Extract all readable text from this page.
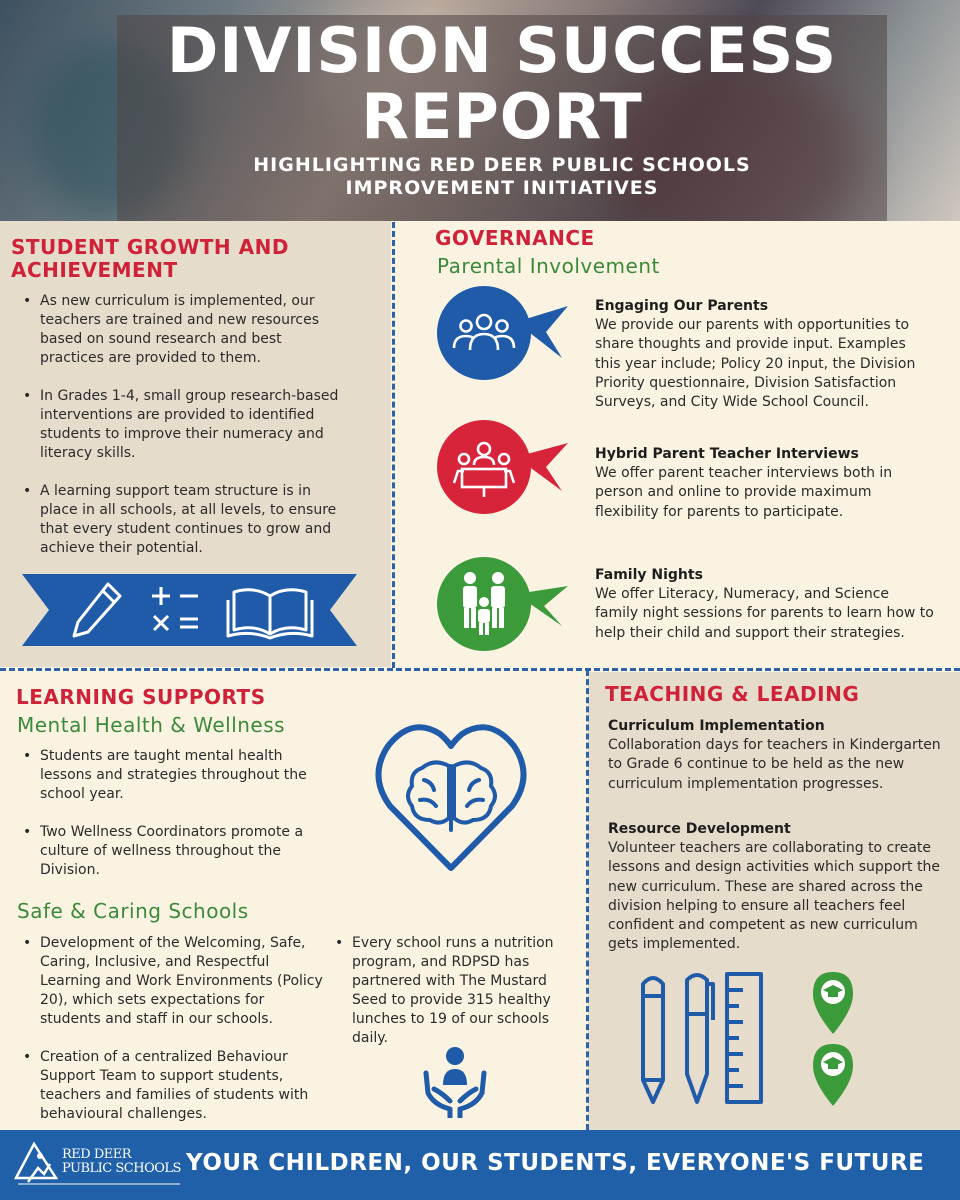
DIVISION SUCCESS
REPORT
HIGHLIGHTING RED DEER PUBLIC SCHOOLS
IMPROVEMENT INITIATIVES
STUDENT GROWTH AND ACHIEVEMENT
• As new curriculum is implemented, our teachers are trained and new resources based on sound research and best practices are provided to them.
• In Grades 1-4, small group research-based interventions are provided to identified students to improve their numeracy and literacy skills.
• A learning support team structure is in place in all schools, at all levels, to ensure that every student continues to grow and achieve their potential.
GOVERNANCE
Parental Involvement
Engaging Our Parents
We provide our parents with opportunities to share thoughts and provide input. Examples this year include; Policy 20 input, the Division Priority questionnaire, Division Satisfaction Surveys, and City Wide School Council.
Hybrid Parent Teacher Interviews
We offer parent teacher interviews both in person and online to provide maximum flexibility for parents to participate.
Family Nights
We offer Literacy, Numeracy, and Science family night sessions for parents to learn how to help their child and support their strategies.
LEARNING SUPPORTS
Mental Health & Wellness
• Students are taught mental health lessons and strategies throughout the school year.
• Two Wellness Coordinators promote a culture of wellness throughout the Division.
Safe & Caring Schools
• Development of the Welcoming, Safe, Caring, Inclusive, and Respectful Learning and Work Environments (Policy 20), which sets expectations for students and staff in our schools.
• Creation of a centralized Behaviour Support Team to support students, teachers and families of students with behavioural challenges.
• Every school runs a nutrition program, and RDPSD has partnered with The Mustard Seed to provide 315 healthy lunches to 19 of our schools daily.
TEACHING & LEADING
Curriculum Implementation
Collaboration days for teachers in Kindergarten to Grade 6 continue to be held as the new curriculum implementation progresses.
Resource Development
Volunteer teachers are collaborating to create lessons and design activities which support the new curriculum. These are shared across the division helping to ensure all teachers feel confident and competent as new curriculum gets implemented.
RED DEER
PUBLIC SCHOOLS YOUR CHILDREN, OUR STUDENTS, EVERYONE'S FUTURE
